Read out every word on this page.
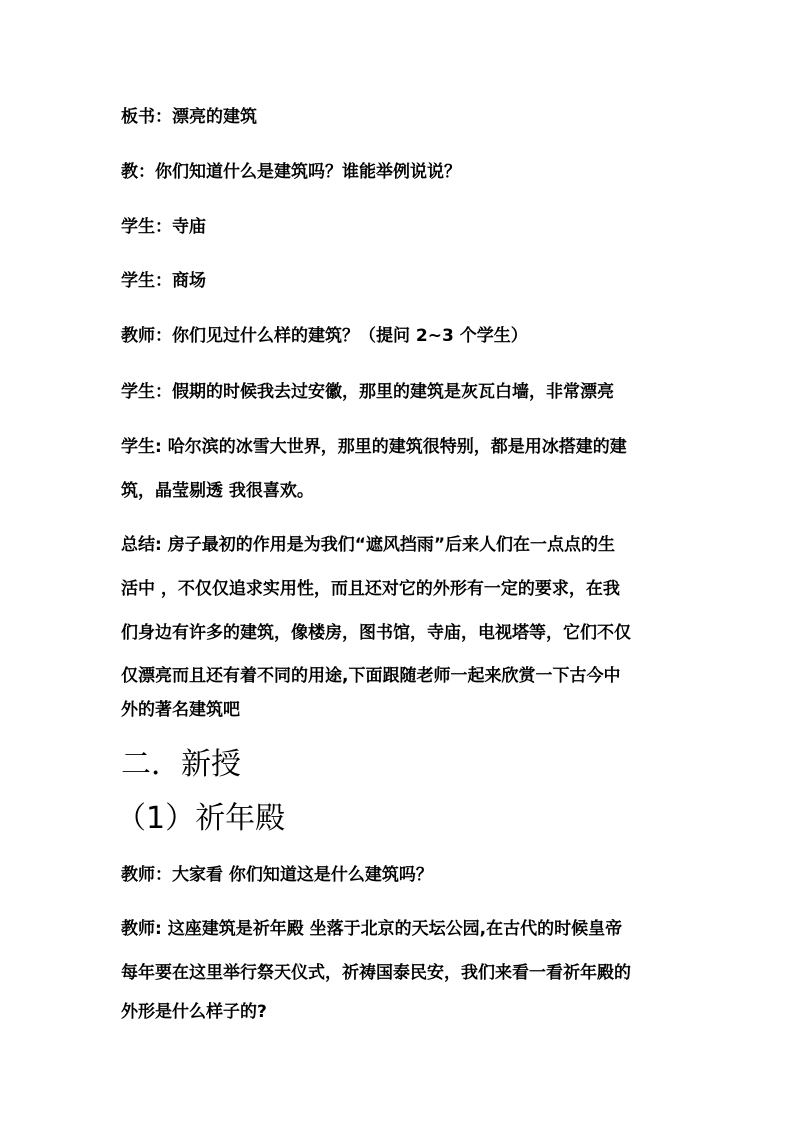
板书：漂亮的建筑
教：你们知道什么是建筑吗？谁能举例说说？
学生：寺庙
学生：商场
教师：你们见过什么样的建筑？（提问 2~3 个学生）
学生：假期的时候我去过安徽，那里的建筑是灰瓦白墙，非常漂亮
学生: 哈尔滨的冰雪大世界，那里的建筑很特别，都是用冰搭建的建
筑，晶莹剔透 我很喜欢。
总结: 房子最初的作用是为我们“遮风挡雨”后来人们在一点点的生
活中 ，不仅仅追求实用性，而且还对它的外形有一定的要求，在我
们身边有许多的建筑，像楼房，图书馆，寺庙，电视塔等，它们不仅
仅漂亮而且还有着不同的用途,下面跟随老师一起来欣赏一下古今中
外的著名建筑吧
二．新授
（1）祈年殿
教师：大家看 你们知道这是什么建筑吗？
教师: 这座建筑是祈年殿 坐落于北京的天坛公园,在古代的时候皇帝
每年要在这里举行祭天仪式，祈祷国泰民安，我们来看一看祈年殿的
外形是什么样子的?
